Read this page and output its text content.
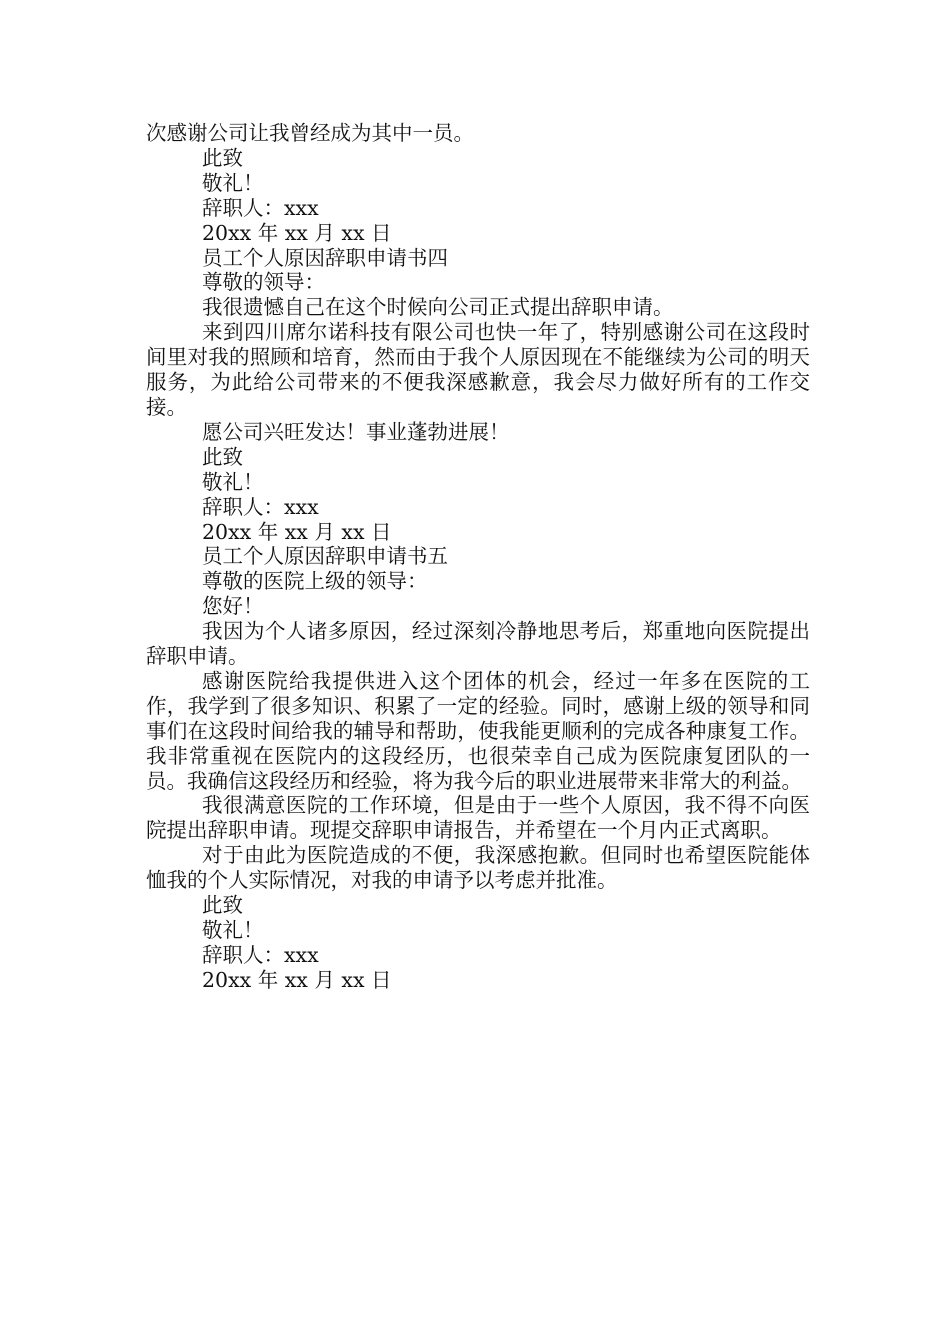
次感谢公司让我曾经成为其中一员。

此致

敬礼！

辞职人：xxx

20xx 年 xx 月 xx 日

员工个人原因辞职申请书四

尊敬的领导：

我很遗憾自己在这个时候向公司正式提出辞职申请。

来到四川席尔诺科技有限公司也快一年了，特别感谢公司在这段时间里对我的照顾和培育，然而由于我个人原因现在不能继续为公司的明天服务，为此给公司带来的不便我深感歉意，我会尽力做好所有的工作交接。

愿公司兴旺发达！事业蓬勃进展！

此致

敬礼！

辞职人：xxx

20xx 年 xx 月 xx 日

员工个人原因辞职申请书五

尊敬的医院上级的领导：

您好！

我因为个人诸多原因，经过深刻冷静地思考后，郑重地向医院提出辞职申请。

感谢医院给我提供进入这个团体的机会，经过一年多在医院的工作，我学到了很多知识、积累了一定的经验。同时，感谢上级的领导和同事们在这段时间给我的辅导和帮助，使我能更顺利的完成各种康复工作。我非常重视在医院内的这段经历，也很荣幸自己成为医院康复团队的一员。我确信这段经历和经验，将为我今后的职业进展带来非常大的利益。

我很满意医院的工作环境，但是由于一些个人原因，我不得不向医院提出辞职申请。现提交辞职申请报告，并希望在一个月内正式离职。

对于由此为医院造成的不便，我深感抱歉。但同时也希望医院能体恤我的个人实际情况，对我的申请予以考虑并批准。

此致

敬礼！

辞职人：xxx

20xx 年 xx 月 xx 日
